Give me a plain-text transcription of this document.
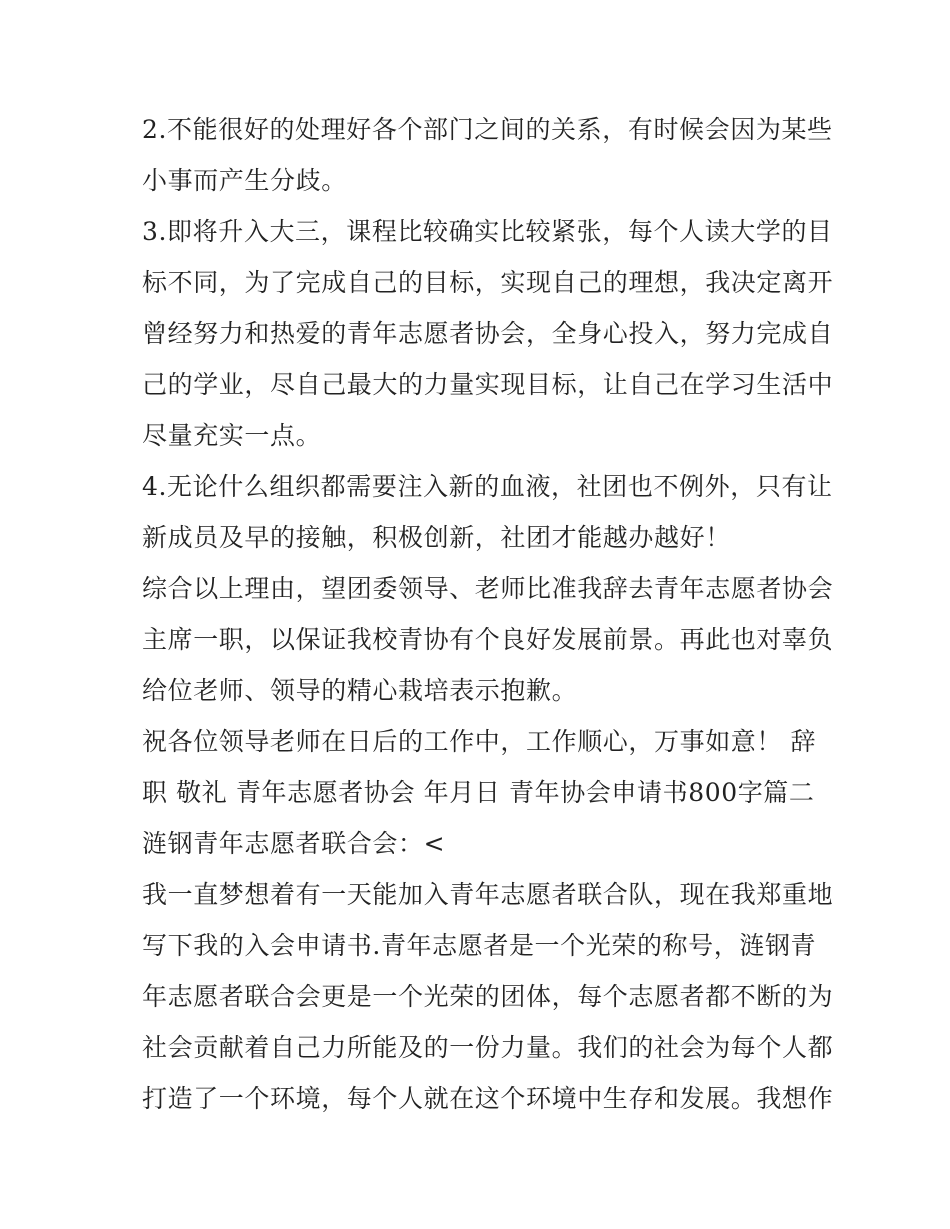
2.不能很好的处理好各个部门之间的关系，有时候会因为某些
小事而产生分歧。
3.即将升入大三，课程比较确实比较紧张，每个人读大学的目
标不同，为了完成自己的目标，实现自己的理想，我决定离开
曾经努力和热爱的青年志愿者协会，全身心投入，努力完成自
己的学业，尽自己最大的力量实现目标，让自己在学习生活中
尽量充实一点。
4.无论什么组织都需要注入新的血液，社团也不例外，只有让
新成员及早的接触，积极创新，社团才能越办越好！
综合以上理由，望团委领导、老师比准我辞去青年志愿者协会
主席一职，以保证我校青协有个良好发展前景。再此也对辜负
给位老师、领导的精心栽培表示抱歉。
祝各位领导老师在日后的工作中，工作顺心，万事如意！ 辞
职 敬礼 青年志愿者协会 年月日 青年协会申请书800字篇二
涟钢青年志愿者联合会：<
我一直梦想着有一天能加入青年志愿者联合队，现在我郑重地
写下我的入会申请书.青年志愿者是一个光荣的称号，涟钢青
年志愿者联合会更是一个光荣的团体，每个志愿者都不断的为
社会贡献着自己力所能及的一份力量。我们的社会为每个人都
打造了一个环境，每个人就在这个环境中生存和发展。我想作
